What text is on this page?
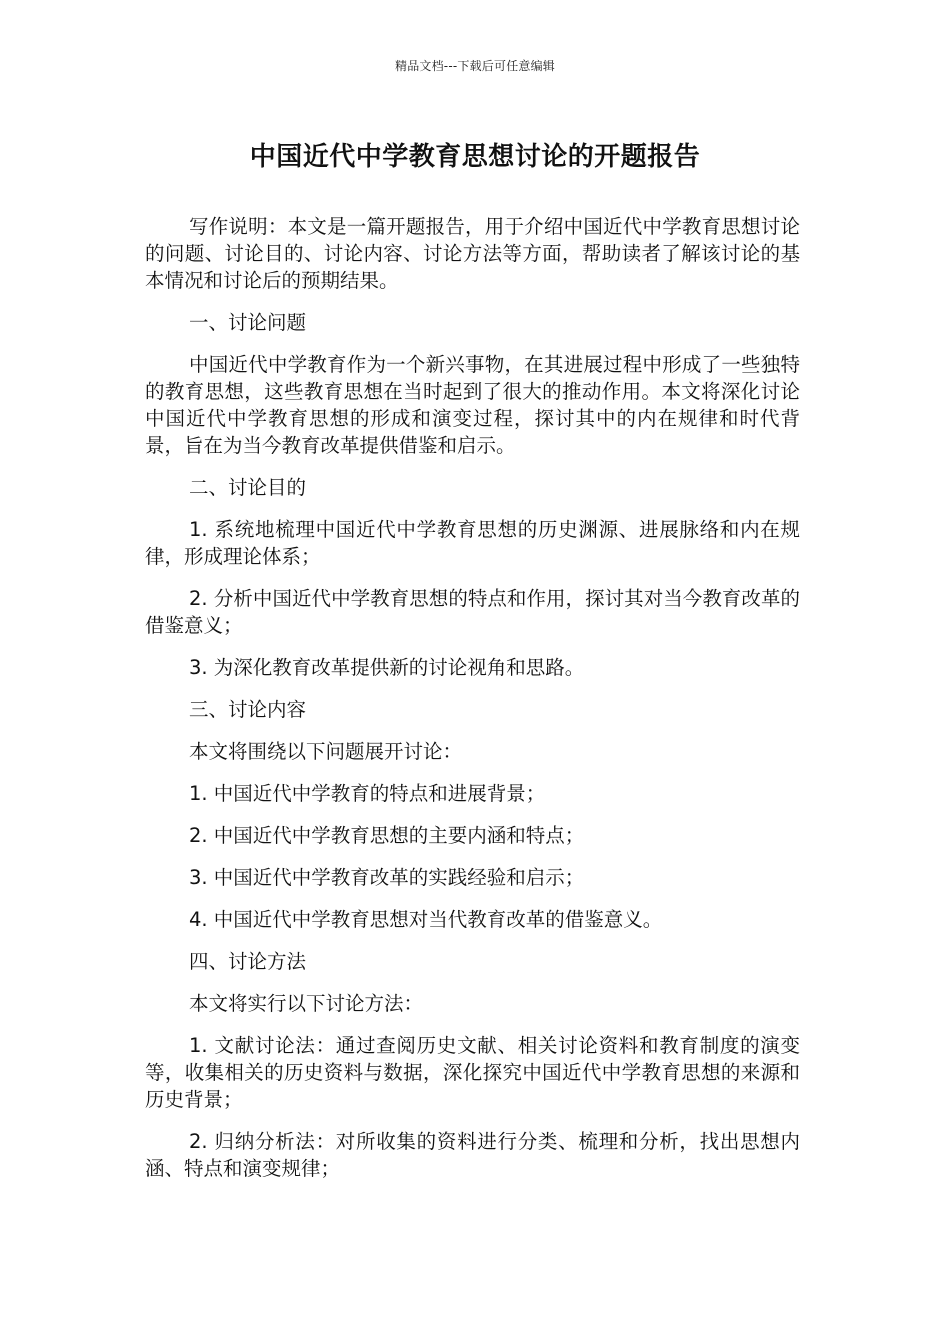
精品文档---下载后可任意编辑
中国近代中学教育思想讨论的开题报告

写作说明：本文是一篇开题报告，用于介绍中国近代中学教育思想讨论的问题、讨论目的、讨论内容、讨论方法等方面，帮助读者了解该讨论的基本情况和讨论后的预期结果。

一、讨论问题

中国近代中学教育作为一个新兴事物，在其进展过程中形成了一些独特的教育思想，这些教育思想在当时起到了很大的推动作用。本文将深化讨论中国近代中学教育思想的形成和演变过程，探讨其中的内在规律和时代背景，旨在为当今教育改革提供借鉴和启示。

二、讨论目的

1. 系统地梳理中国近代中学教育思想的历史渊源、进展脉络和内在规律，形成理论体系；

2. 分析中国近代中学教育思想的特点和作用，探讨其对当今教育改革的借鉴意义；

3. 为深化教育改革提供新的讨论视角和思路。

三、讨论内容

本文将围绕以下问题展开讨论：

1. 中国近代中学教育的特点和进展背景；

2. 中国近代中学教育思想的主要内涵和特点；

3. 中国近代中学教育改革的实践经验和启示；

4. 中国近代中学教育思想对当代教育改革的借鉴意义。

四、讨论方法

本文将实行以下讨论方法：

1. 文献讨论法：通过查阅历史文献、相关讨论资料和教育制度的演变等，收集相关的历史资料与数据，深化探究中国近代中学教育思想的来源和历史背景；

2. 归纳分析法：对所收集的资料进行分类、梳理和分析，找出思想内涵、特点和演变规律；
